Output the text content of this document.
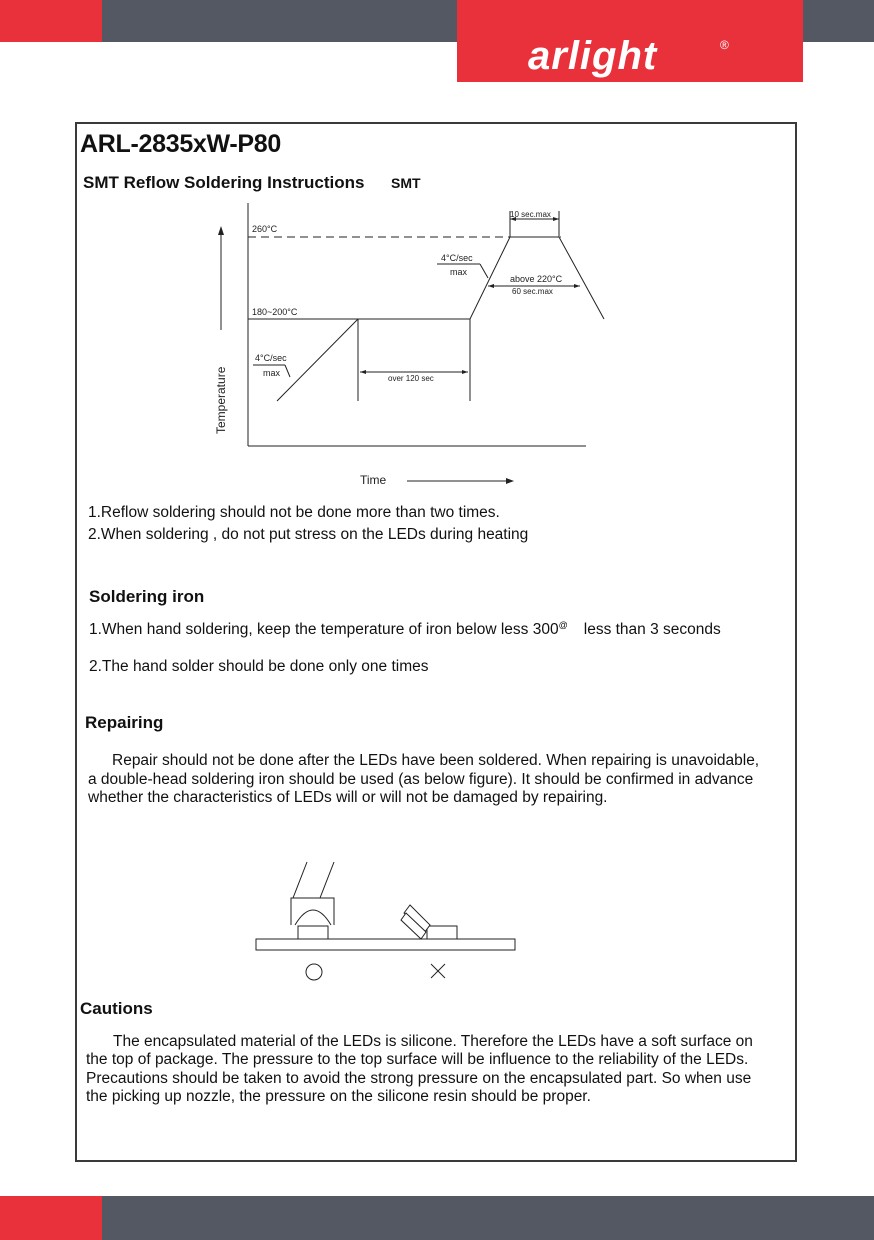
arlight	®
ARL-2835xW-P80
SMT Reflow Soldering Instructions SMT
Temperature
Time
260°C
180~200°C
4°C/sec
max
4°C/sec
max
over 120 sec
10 sec.max
above 220°C
60 sec.max
1.Reflow soldering should not be done more than two times.
2.When soldering , do not put stress on the LEDs during heating
Soldering iron
1.When hand soldering, keep the temperature of iron below less 300@ less than 3 seconds
2.The hand solder should be done only one times
Repairing
Repair should not be done after the LEDs have been soldered. When repairing is unavoidable,
a double-head soldering iron should be used (as below figure). It should be confirmed in advance
whether the characteristics of LEDs will or will not be damaged by repairing.
Cautions
The encapsulated material of the LEDs is silicone. Therefore the LEDs have a soft surface on
the top of package. The pressure to the top surface will be influence to the reliability of the LEDs.
Precautions should be taken to avoid the strong pressure on the encapsulated part. So when use
the picking up nozzle, the pressure on the silicone resin should be proper.
